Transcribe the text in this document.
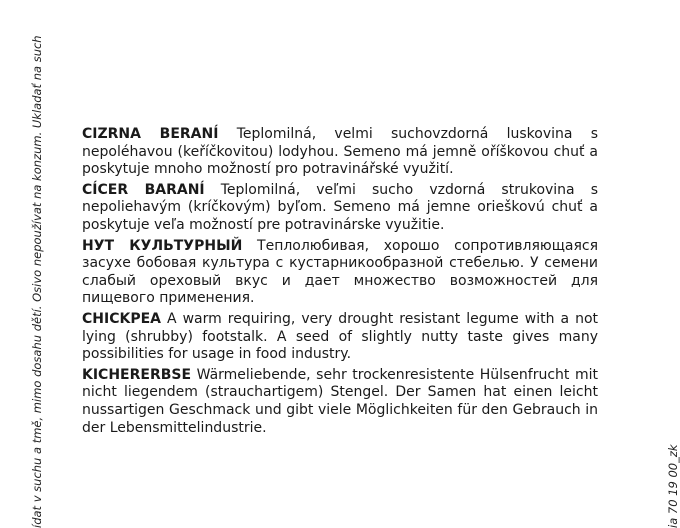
ídat v suchu a tmě, mimo dosahu dětí. Osivo nepoužívat na konzum. Ukladať na such	ia 70 19 00_zk

CIZRNA BERANÍ Teplomilná, velmi suchovzdorná luskovina s nepoléhavou (keříčkovitou) lodyhou. Semeno má jemně oříškovou chuť a poskytuje mnoho možností pro potravinářské využití.

CÍCER BARANÍ Teplomilná, veľmi sucho vzdorná strukovina s nepoliehavým (kríčkovým) byľom. Semeno má jemne orieškovú chuť a poskytuje veľa možností pre potravinárske využitie.

НУТ КУЛЬТУРНЫЙ Теплолюбивая, хорошо сопротивляющаяся засухе бобовая культура с кустарникообразной стебелью. У семени слабый ореховый вкус и дает множество возможностей для пищевого применения.

CHICKPEA A warm requiring, very drought resistant legume with a not lying (shrubby) footstalk. A seed of slightly nutty taste gives many possibilities for usage in food industry.

KICHERERBSE Wärmeliebende, sehr trockenresistente Hülsenfrucht mit nicht liegendem (strauchartigem) Stengel. Der Samen hat einen leicht nussartigen Geschmack und gibt viele Möglichkeiten für den Gebrauch in der Lebensmittelindustrie.
